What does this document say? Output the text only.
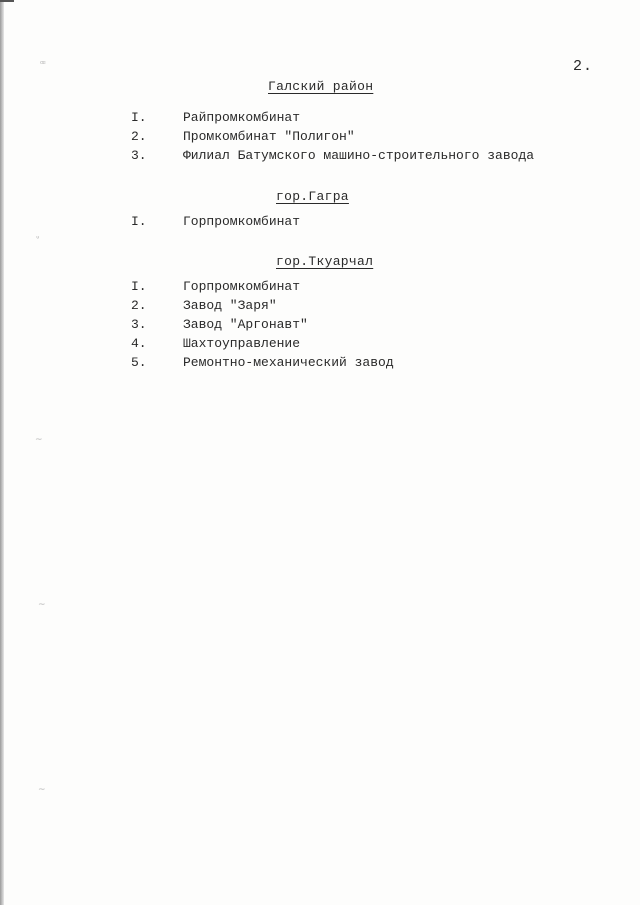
ꟹ
ᐡ
~
~
~
2.
Галский район
I.	Райпромкомбинат
2.	Промкомбинат "Полигон"
3.	Филиал Батумского машино-строительного завода
гор.Гагра
I.	Горпромкомбинат
гор.Ткуарчал
I.	Горпромкомбинат
2.	Завод "Заря"
3.	Завод "Аргонавт"
4.	Шахтоуправление
5.	Ремонтно-механический завод
